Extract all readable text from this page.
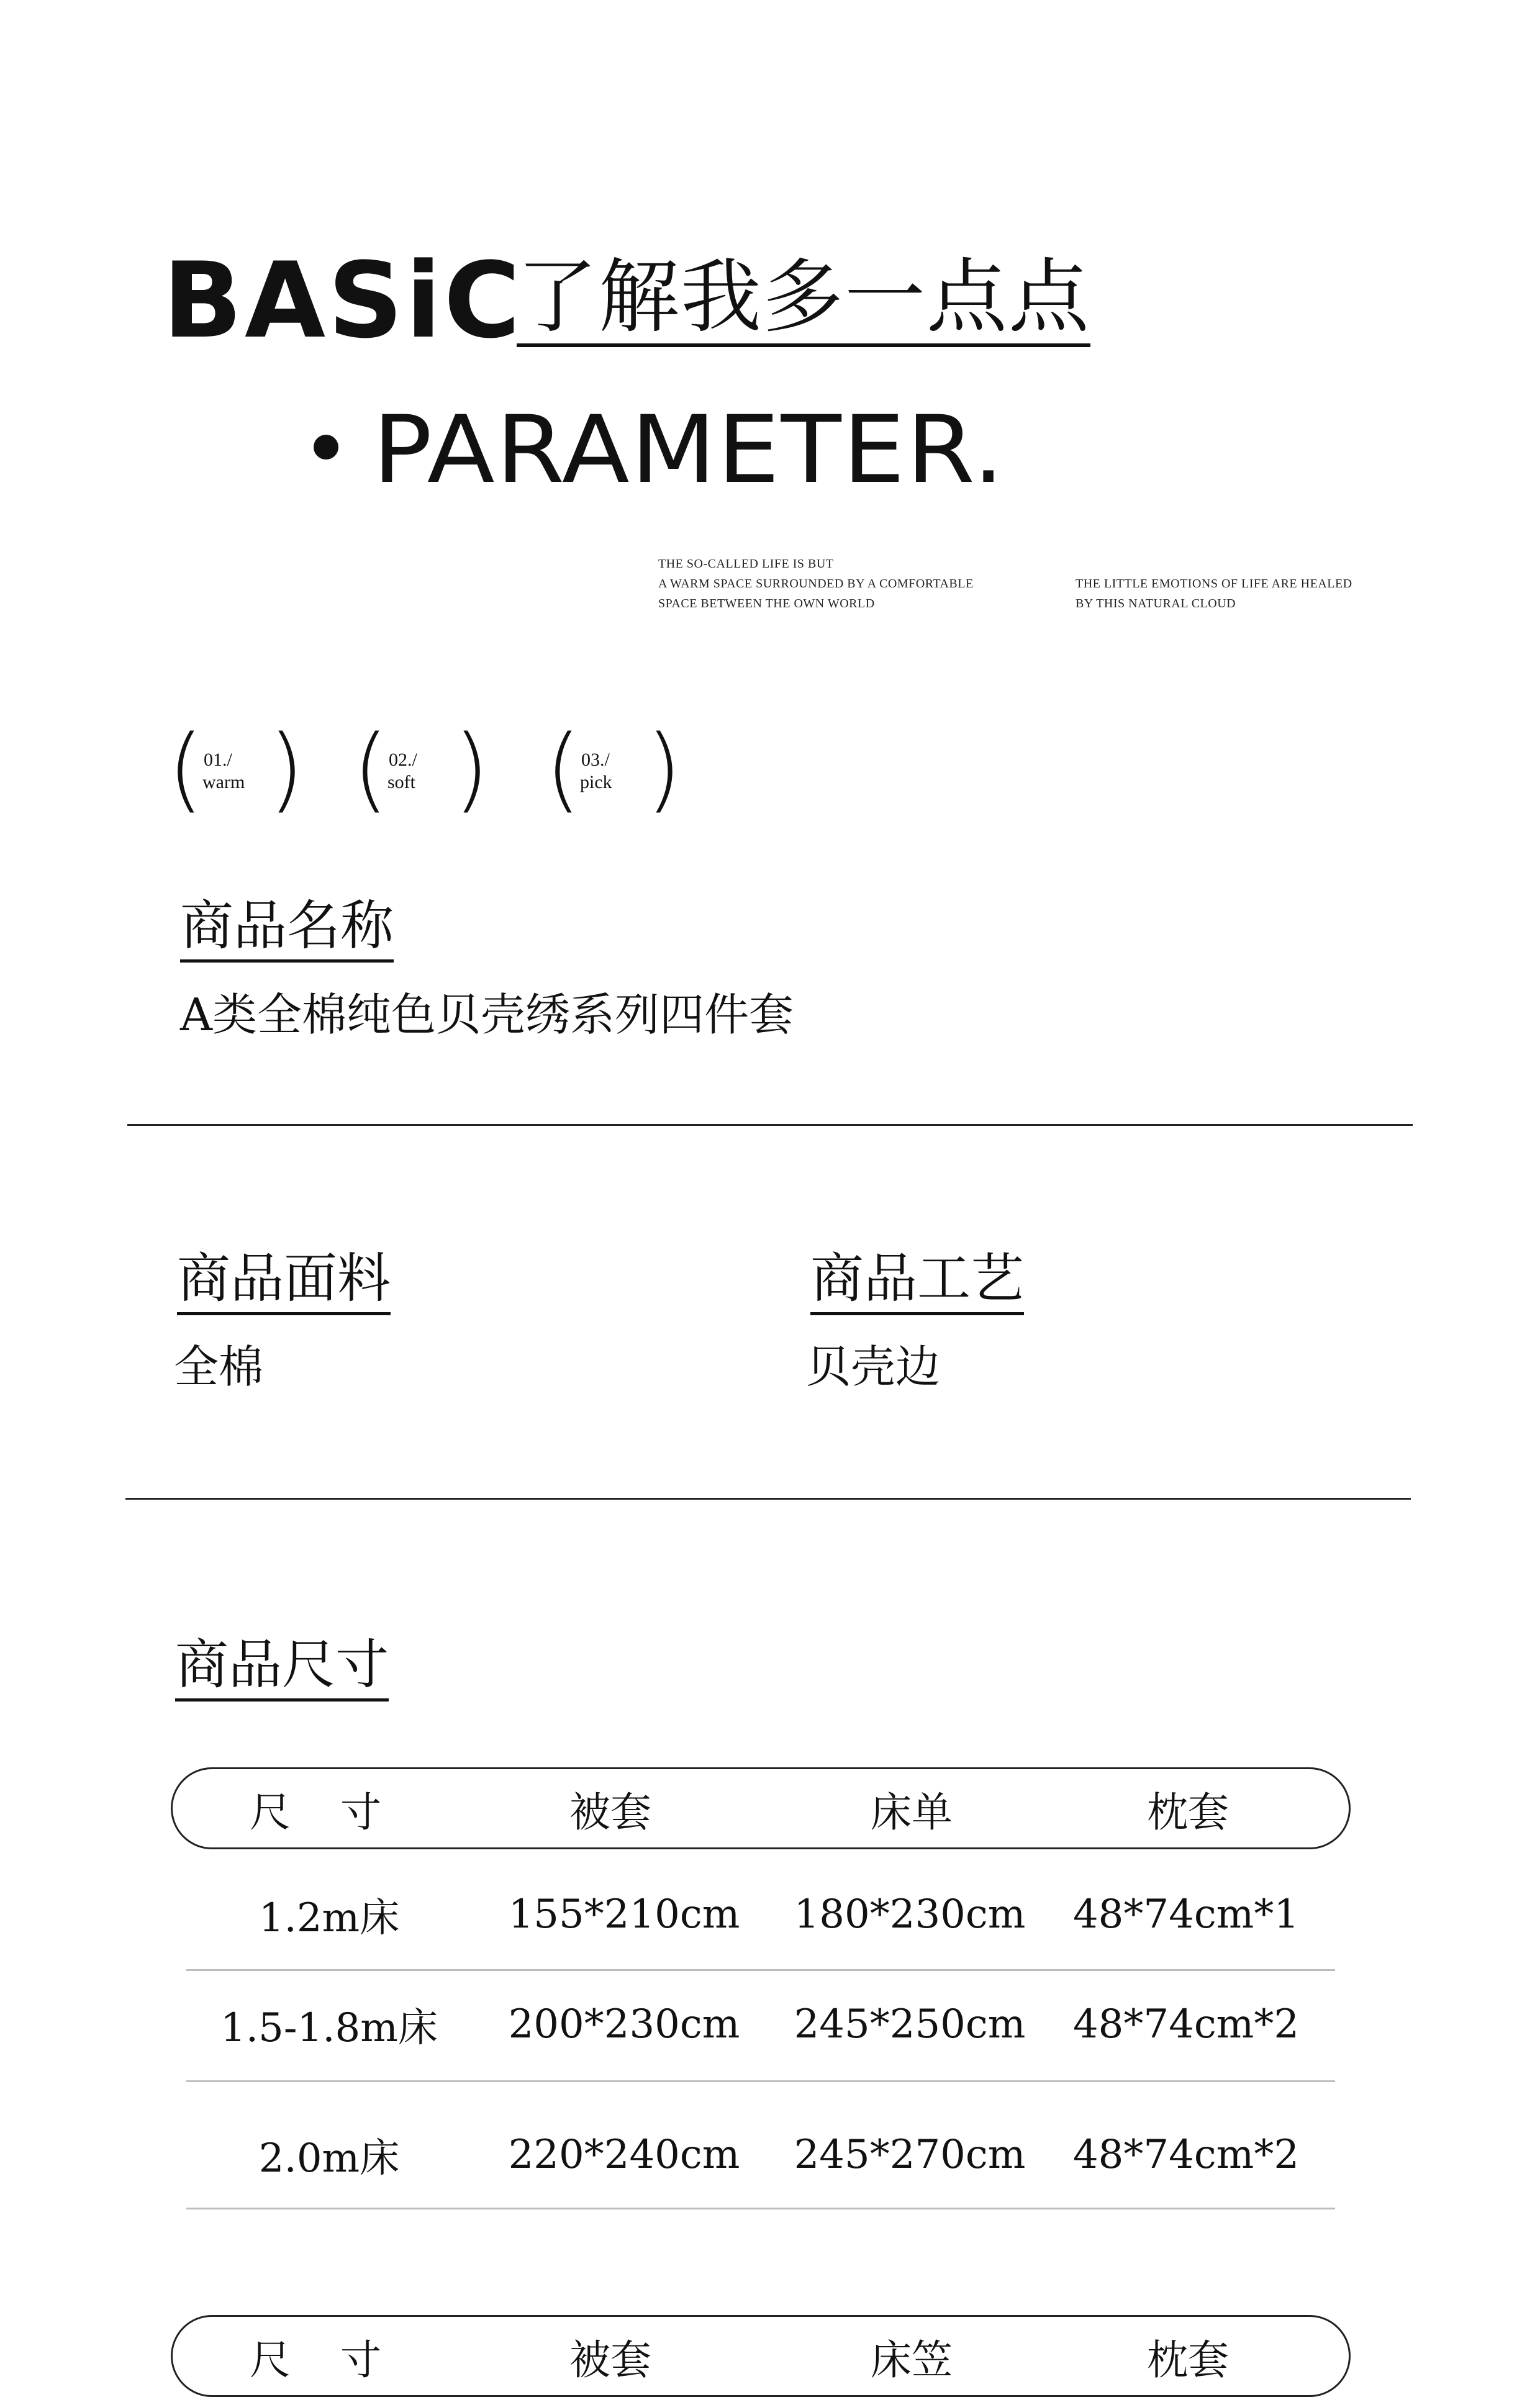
BASiC
了解我多一点点
PARAMETER.
THE SO-CALLED LIFE IS BUT
A WARM SPACE SURROUNDED BY A COMFORTABLE
SPACE BETWEEN THE OWN WORLD
THE LITTLE EMOTIONS OF LIFE ARE HEALED
BY THIS NATURAL CLOUD
( 01./
warm ) ( 02./
soft ) ( 03./
pick )
商品名称
A类全棉纯色贝壳绣系列四件套
商品面料
全棉
商品工艺
贝壳边
商品尺寸
尺寸	被套	床单	枕套
1.2m床	155*210cm	180*230cm	48*74cm*1
1.5-1.8m床	200*230cm	245*250cm	48*74cm*2
2.0m床	220*240cm	245*270cm	48*74cm*2
尺寸	被套	床笠	枕套
